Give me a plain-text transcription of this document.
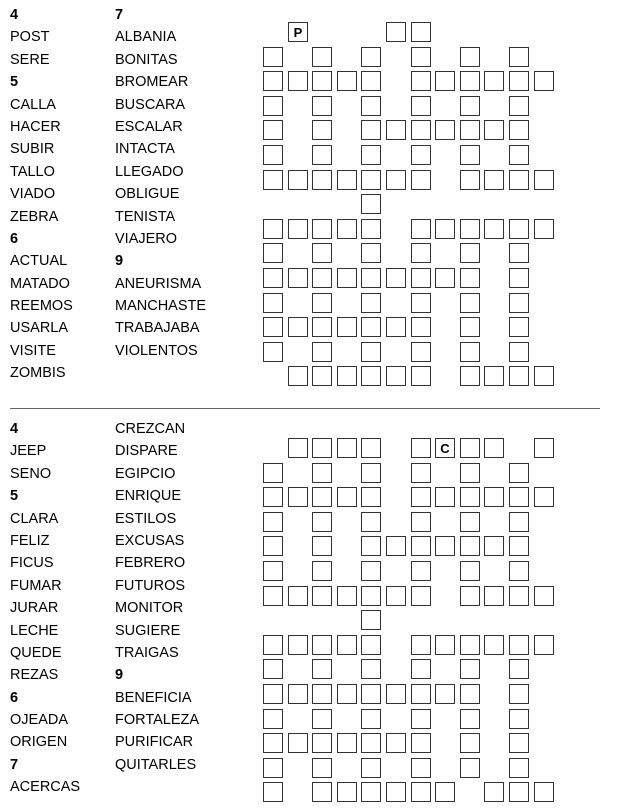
4
POST
SERE
5
CALLA
HACER
SUBIR
TALLO
VIADO
ZEBRA
6
ACTUAL
MATADO
REEMOS
USARLA
VISITE
ZOMBIS
7
ALBANIA
BONITAS
BROMEAR
BUSCARA
ESCALAR
INTACTA
LLEGADO
OBLIGUE
TENISTA
VIAJERO
9
ANEURISMA
MANCHASTE
TRABAJABA
VIOLENTOS
P
4
JEEP
SENO
5
CLARA
FELIZ
FICUS
FUMAR
JURAR
LECHE
QUEDE
REZAS
6
OJEADA
ORIGEN
7
ACERCAS
CREZCAN
DISPARE
EGIPCIO
ENRIQUE
ESTILOS
EXCUSAS
FEBRERO
FUTUROS
MONITOR
SUGIERE
TRAIGAS
9
BENEFICIA
FORTALEZA
PURIFICAR
QUITARLES
C
